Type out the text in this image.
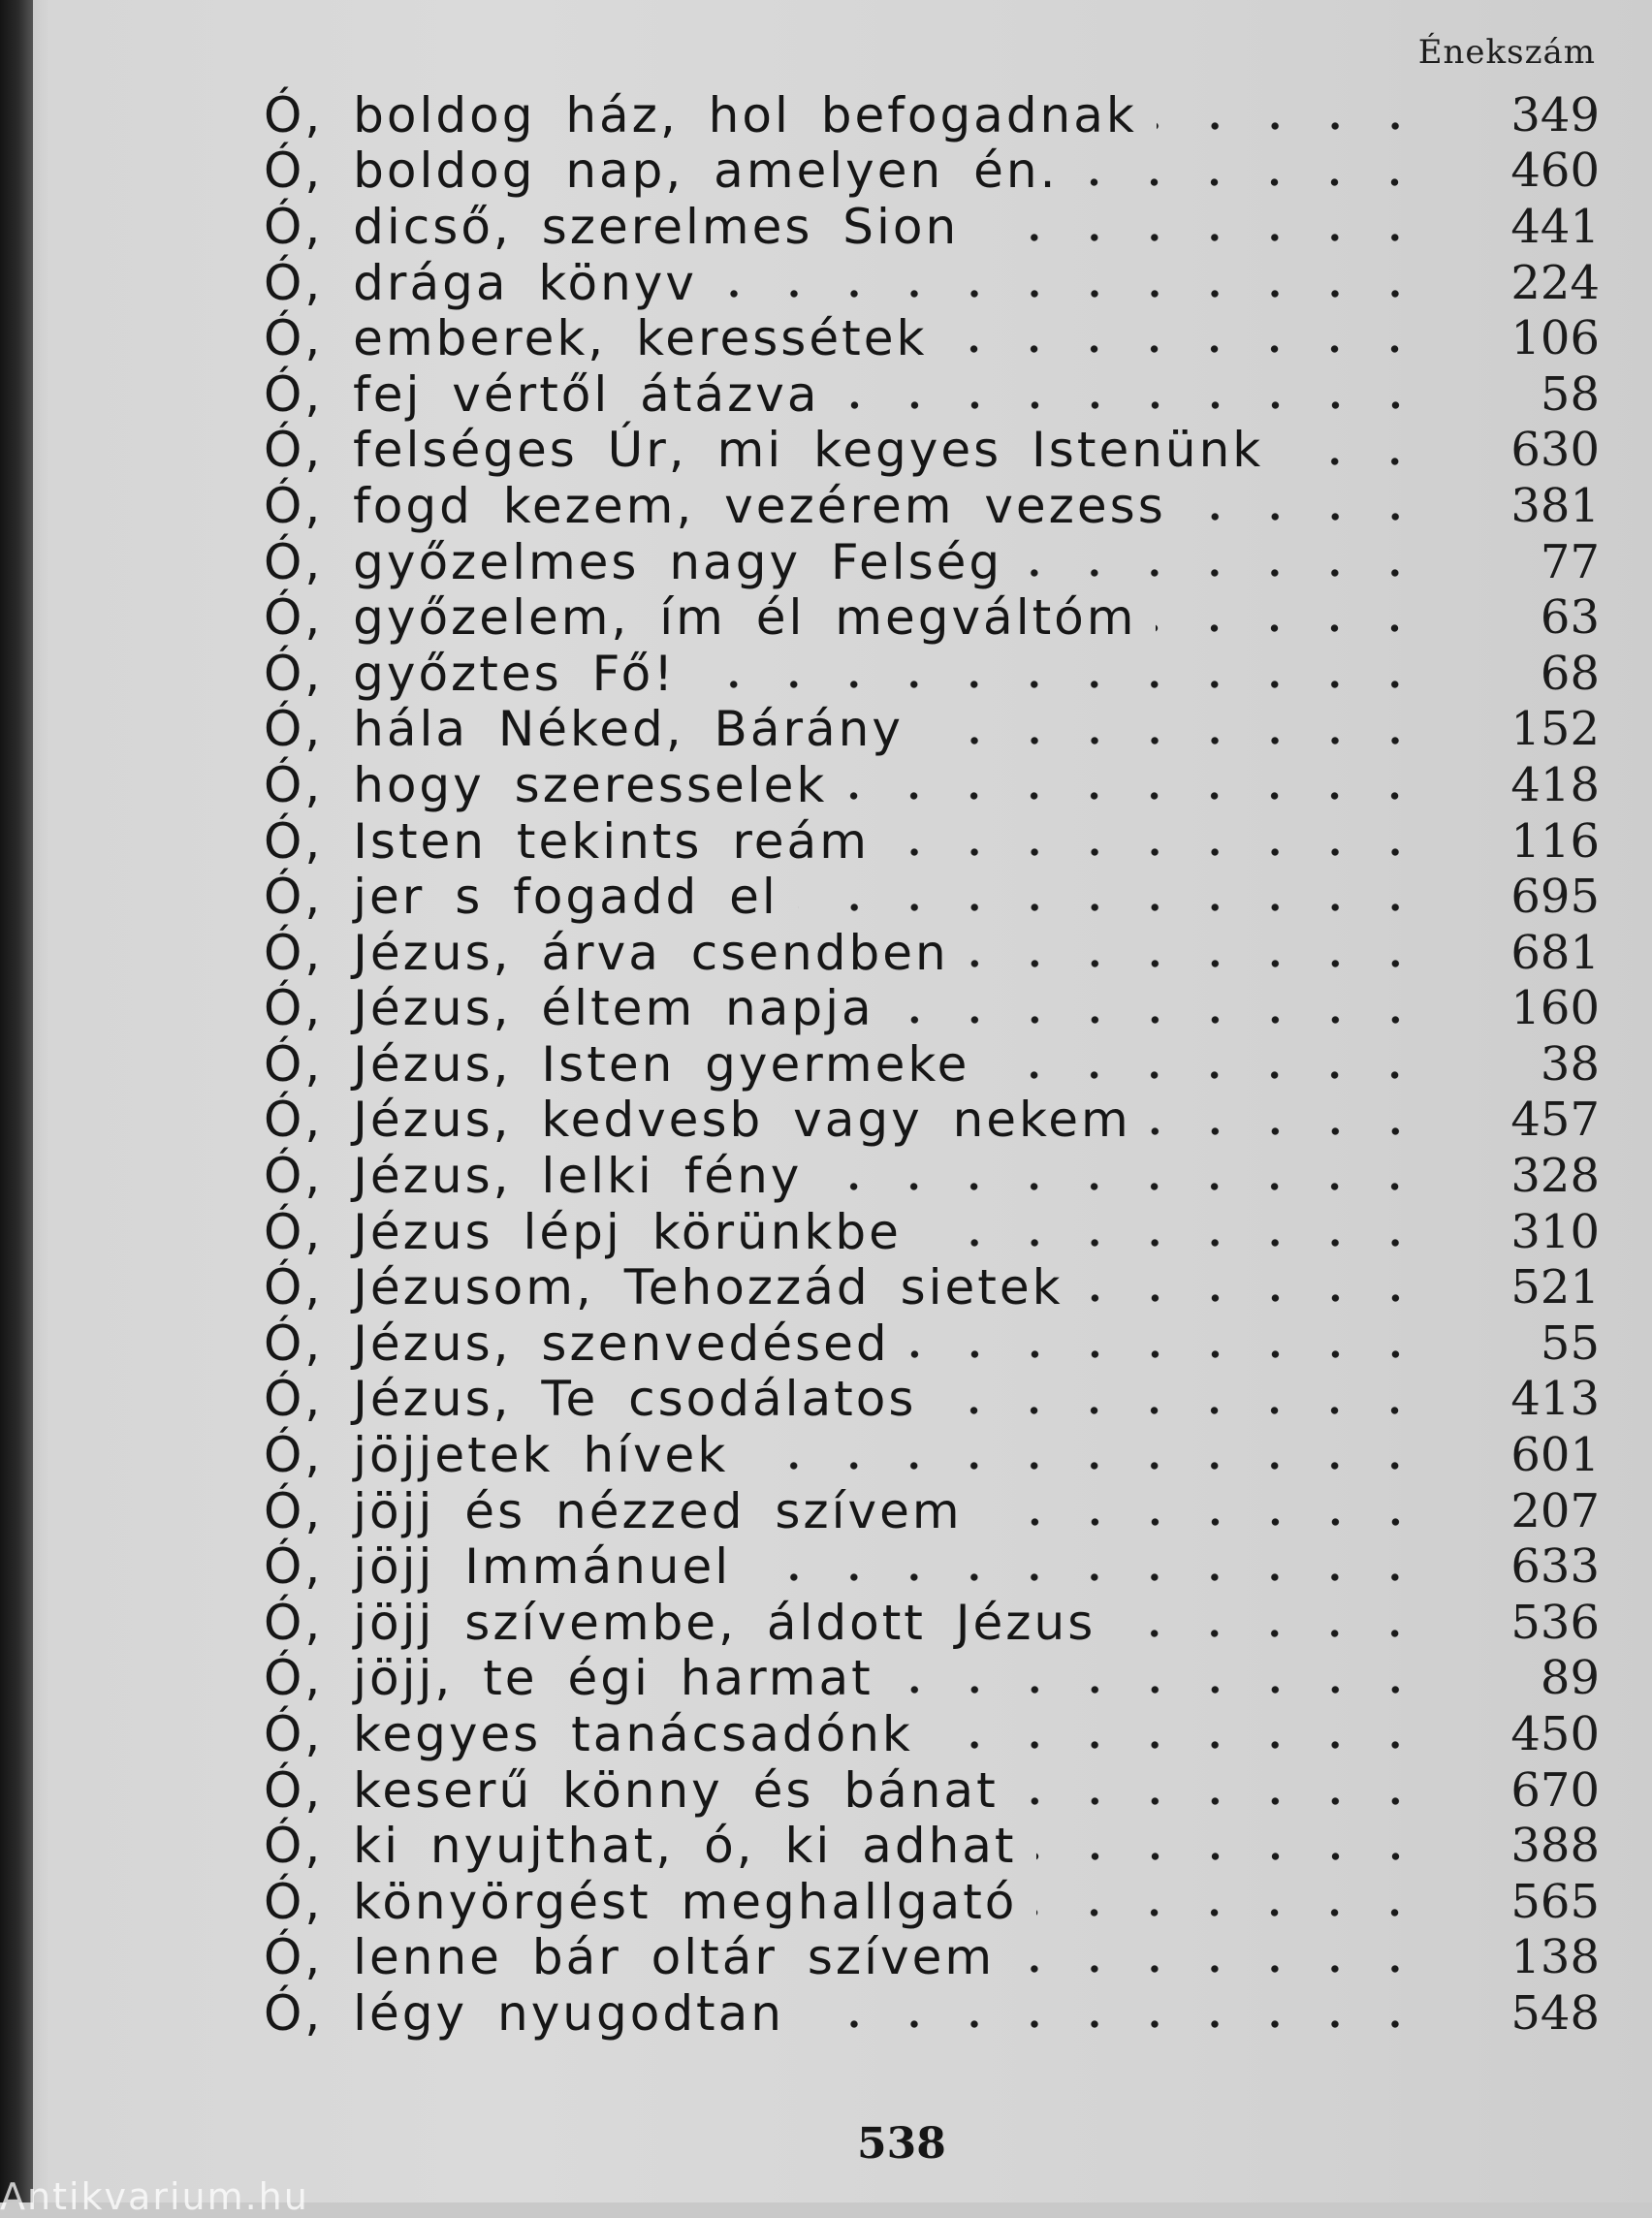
Énekszám
Ó, boldog ház, hol befogadnak	349
Ó, boldog nap, amelyen én.	460
Ó, dicső, szerelmes Sion	441
Ó, drága könyv	224
Ó, emberek, keressétek	106
Ó, fej vértől átázva	58
Ó, felséges Úr, mi kegyes Istenünk	630
Ó, fogd kezem, vezérem vezess	381
Ó, győzelmes nagy Felség	77
Ó, győzelem, ím él megváltóm	63
Ó, győztes Fő!	68
Ó, hála Néked, Bárány	152
Ó, hogy szeresselek	418
Ó, Isten tekints reám	116
Ó, jer s fogadd el	695
Ó, Jézus, árva csendben	681
Ó, Jézus, éltem napja	160
Ó, Jézus, Isten gyermeke	38
Ó, Jézus, kedvesb vagy nekem	457
Ó, Jézus, lelki fény	328
Ó, Jézus lépj körünkbe	310
Ó, Jézusom, Tehozzád sietek	521
Ó, Jézus, szenvedésed	55
Ó, Jézus, Te csodálatos	413
Ó, jöjjetek hívek	601
Ó, jöjj és nézzed szívem	207
Ó, jöjj Immánuel	633
Ó, jöjj szívembe, áldott Jézus	536
Ó, jöjj, te égi harmat	89
Ó, kegyes tanácsadónk	450
Ó, keserű könny és bánat	670
Ó, ki nyujthat, ó, ki adhat	388
Ó, könyörgést meghallgató	565
Ó, lenne bár oltár szívem	138
Ó, légy nyugodtan	548
538
Antikvarium.hu
